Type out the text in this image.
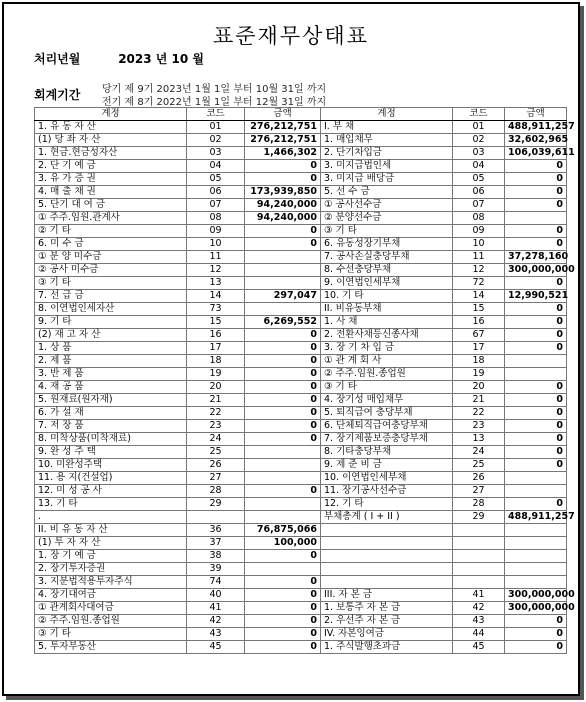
표준재무상태표
처리년월	2023 년 10 월
회계기간 당기 제 9기 2023년 1월 1일 부터 10월 31일 까지
전기 제 8기 2022년 1월 1일 부터 12월 31일 까지
계정	코드	금액	계정	코드	금액
1. 유 동 자 산	01	276,212,751	I. 부 채	01	488,911,257
(1) 당 좌 자 산	02	276,212,751	1. 매입채무	02	32,602,965
1. 현금.현금성자산	03	1,466,302	2. 단기차입금	03	106,039,611
2. 단 기 예 금	04	0	3. 미지급법인세	04	0
3. 유 가 증 권	05	0	3. 미지급 배당금	05	0
4. 매 출 채 권	06	173,939,850	5. 선 수 금	06	0
5. 단기 대 여 금	07	94,240,000	① 공사선수금	07	0
① 주주.임원.관계사	08	94,240,000	② 분양선수금	08	
② 기 타	09	0	③ 기 타	09	0
6. 미 수 금	10	0	6. 유동성장기부채	10	0
① 분 양 미수금	11		7. 공사손실충당부채	11	37,278,160
② 공사 미수금	12		8. 수선충당부채	12	300,000,000
③ 기 타	13		9. 이연법인세부채	72	0
7. 선 급 금	14	297,047	10. 기 타	14	12,990,521
8. 이연법인세자산	73		II. 비유동부채	15	0
9. 기 타	15	6,269,552	1. 사 채	16	0
(2) 재 고 자 산	16	0	2. 전환사채등신종사채	67	0
1. 상 품	17	0	3. 장 기 차 입 금	17	0
2. 제 품	18	0	① 관 계 회 사	18	
3. 반 제 품	19	0	② 주주.임원.종업원	19	
4. 재 공 품	20	0	③ 기 타	20	0
5. 원재료(원자재)	21	0	4. 장기성 매입채무	21	0
6. 가 설 재	22	0	5. 퇴직급여 충당부채	22	0
7. 저 장 품	23	0	6. 단체퇴직급여충당부채	23	0
8. 미착상품(미착재료)	24	0	7. 장기제품보증충당부채	13	0
9. 완 성 주 택	25		8. 기타충당부채	24	0
10. 미완성주택	26		9. 제 준 비 금	25	0
11. 용 지(건설업)	27		10. 이연법인세부채	26	
12. 미 성 공 사	28	0	11. 장기공사선수금	27	
13. 기 타	29		12. 기 타	28	0
.			부채총계 ( I + II )	29	488,911,257
II. 비 유 동 자 산	36	76,875,066			
(1) 투 자 자 산	37	100,000			
1. 장 기 예 금	38	0			
2. 장기투자증권	39				
3. 지분법적용투자주식	74	0			
4. 장기대여금	40	0	III. 자 본 금	41	300,000,000
① 관계회사대여금	41	0	1. 보통주 자 본 금	42	300,000,000
② 주주.임원.종업원	42	0	2. 우선주 자 본 금	43	0
③ 기 타	43	0	IV. 자본잉여금	44	0
5. 투자부동산	45	0	1. 주식발행초과금	45	0
